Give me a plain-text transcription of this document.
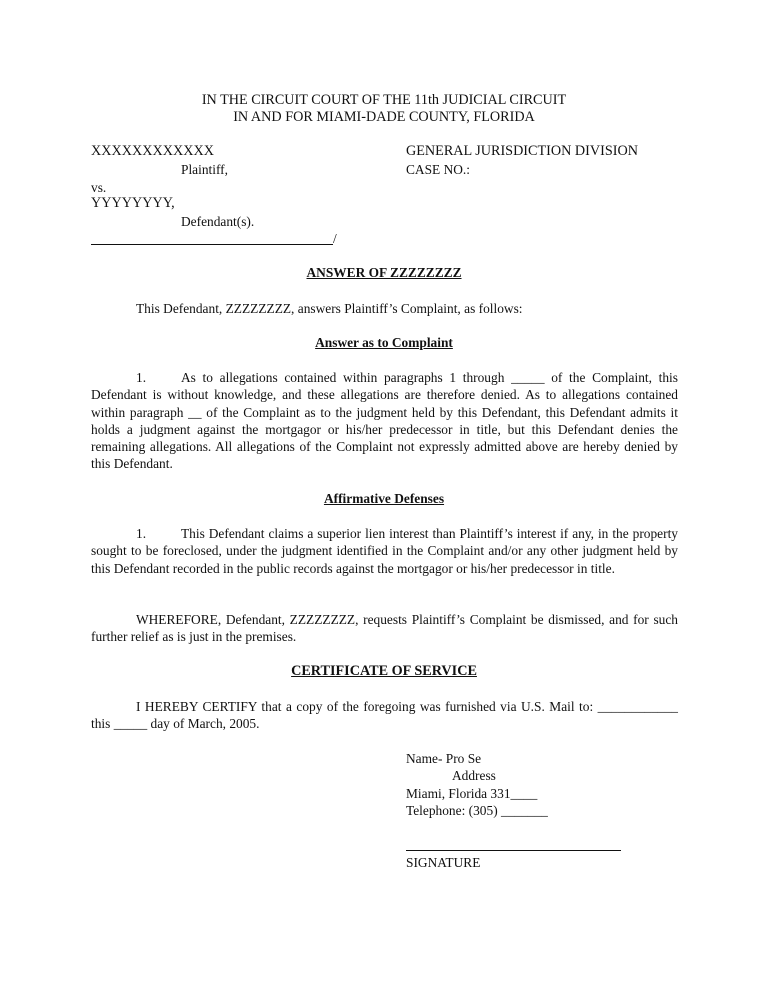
IN THE CIRCUIT COURT OF THE 11th JUDICIAL CIRCUIT
IN AND FOR MIAMI-DADE COUNTY, FLORIDA
XXXXXXXXXXXX
Plaintiff,
vs.
YYYYYYYY,
Defendant(s).
/
GENERAL JURISDICTION DIVISION
CASE NO.:
ANSWER OF ZZZZZZZZ
This Defendant, ZZZZZZZZ, answers Plaintiff’s Complaint, as follows:
Answer as to Complaint
1.	As to allegations contained within paragraphs 1 through _____ of the Complaint, this Defendant is without knowledge, and these allegations are therefore denied. As to allegations contained within paragraph __ of the Complaint as to the judgment held by this Defendant, this Defendant admits it holds a judgment against the mortgagor or his/her predecessor in title, but this Defendant denies the remaining allegations. All allegations of the Complaint not expressly admitted above are hereby denied by this Defendant.
Affirmative Defenses
1.	This Defendant claims a superior lien interest than Plaintiff’s interest if any, in the property sought to be foreclosed, under the judgment identified in the Complaint and/or any other judgment held by this Defendant recorded in the public records against the mortgagor or his/her predecessor in title.
WHEREFORE, Defendant, ZZZZZZZZ, requests Plaintiff’s Complaint be dismissed, and for such further relief as is just in the premises.
CERTIFICATE OF SERVICE
I HEREBY CERTIFY that a copy of the foregoing was furnished via U.S. Mail to: ____________ this _____ day of March, 2005.
Name- Pro Se
Address
Miami, Florida 331____
Telephone: (305) _______
SIGNATURE
